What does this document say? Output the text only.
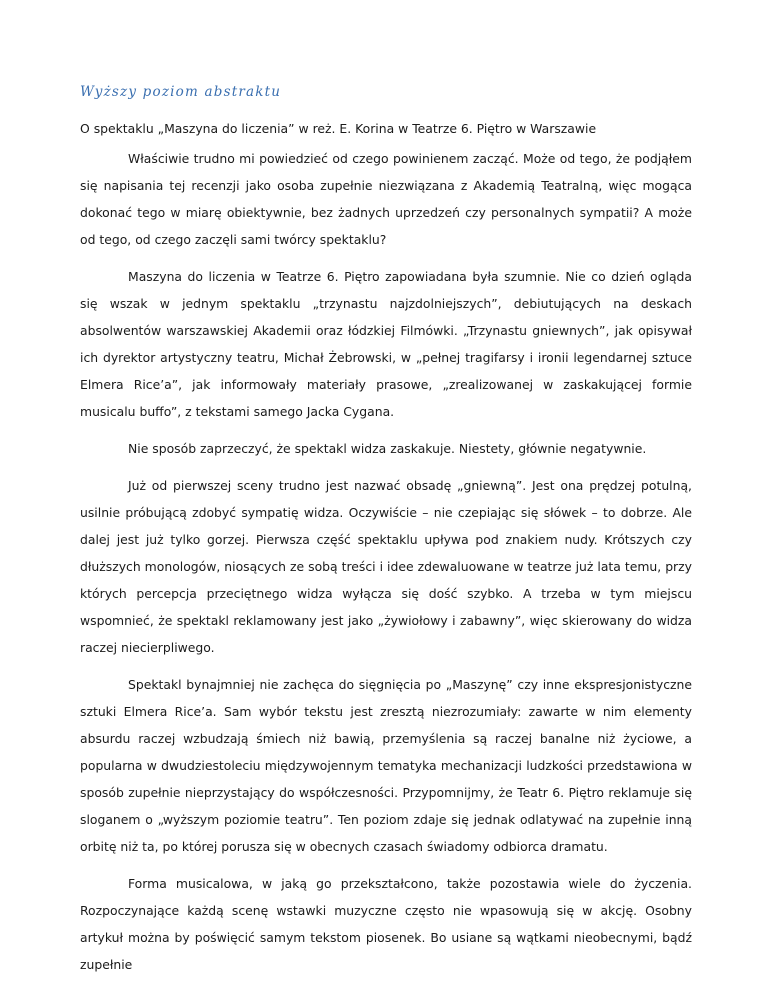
Wyższy poziom abstraktu

O spektaklu „Maszyna do liczenia” w reż. E. Korina w Teatrze 6. Piętro w Warszawie

Właściwie trudno mi powiedzieć od czego powinienem zacząć. Może od tego, że podjąłem się napisania tej recenzji jako osoba zupełnie niezwiązana z Akademią Teatralną, więc mogąca dokonać tego w miarę obiektywnie, bez żadnych uprzedzeń czy personalnych sympatii? A może od tego, od czego zaczęli sami twórcy spektaklu?

Maszyna do liczenia w Teatrze 6. Piętro zapowiadana była szumnie. Nie co dzień ogląda się wszak w jednym spektaklu „trzynastu najzdolniejszych”, debiutujących na deskach absolwentów warszawskiej Akademii oraz łódzkiej Filmówki. „Trzynastu gniewnych”, jak opisywał ich dyrektor artystyczny teatru, Michał Żebrowski, w „pełnej tragifarsy i ironii legendarnej sztuce Elmera Rice’a”, jak informowały materiały prasowe, „zrealizowanej w zaskakującej formie musicalu buffo”, z tekstami samego Jacka Cygana.

Nie sposób zaprzeczyć, że spektakl widza zaskakuje. Niestety, głównie negatywnie.

Już od pierwszej sceny trudno jest nazwać obsadę „gniewną”. Jest ona prędzej potulną, usilnie próbującą zdobyć sympatię widza. Oczywiście – nie czepiając się słówek – to dobrze. Ale dalej jest już tylko gorzej. Pierwsza część spektaklu upływa pod znakiem nudy. Krótszych czy dłuższych monologów, niosących ze sobą treści i idee zdewaluowane w teatrze już lata temu, przy których percepcja przeciętnego widza wyłącza się dość szybko. A trzeba w tym miejscu wspomnieć, że spektakl reklamowany jest jako „żywiołowy i zabawny”, więc skierowany do widza raczej niecierpliwego.

Spektakl bynajmniej nie zachęca do sięgnięcia po „Maszynę” czy inne ekspresjonistyczne sztuki Elmera Rice’a. Sam wybór tekstu jest zresztą niezrozumiały: zawarte w nim elementy absurdu raczej wzbudzają śmiech niż bawią, przemyślenia są raczej banalne niż życiowe, a popularna w dwudziestoleciu międzywojennym tematyka mechanizacji ludzkości przedstawiona w sposób zupełnie nieprzystający do współczesności. Przypomnijmy, że Teatr 6. Piętro reklamuje się sloganem o „wyższym poziomie teatru”. Ten poziom zdaje się jednak odlatywać na zupełnie inną orbitę niż ta, po której porusza się w obecnych czasach świadomy odbiorca dramatu.

Forma musicalowa, w jaką go przekształcono, także pozostawia wiele do życzenia. Rozpoczynające każdą scenę wstawki muzyczne często nie wpasowują się w akcję. Osobny artykuł można by poświęcić samym tekstom piosenek. Bo usiane są wątkami nieobecnymi, bądź zupełnie
